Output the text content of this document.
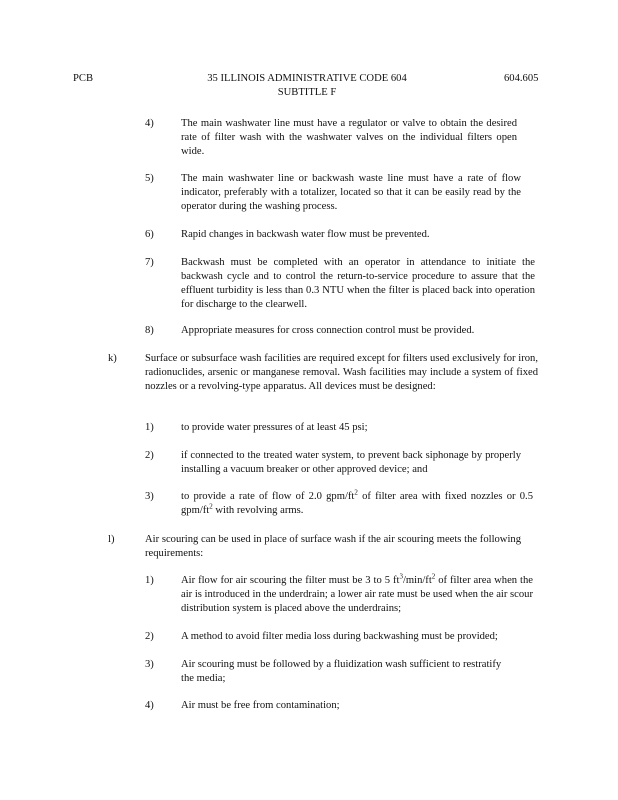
PCB	35 ILLINOIS ADMINISTRATIVE CODE 604
SUBTITLE F
604.605
4)	The main washwater line must have a regulator or valve to obtain the desired rate of filter wash with the washwater valves on the individual filters open wide.
5)	The main washwater line or backwash waste line must have a rate of flow indicator, preferably with a totalizer, located so that it can be easily read by the operator during the washing process.
6)	Rapid changes in backwash water flow must be prevented.
7)	Backwash must be completed with an operator in attendance to initiate the backwash cycle and to control the return-to-service procedure to assure that the effluent turbidity is less than 0.3 NTU when the filter is placed back into operation for discharge to the clearwell.
8)	Appropriate measures for cross connection control must be provided.
k)	Surface or subsurface wash facilities are required except for filters used exclusively for iron, radionuclides, arsenic or manganese removal. Wash facilities may include a system of fixed nozzles or a revolving-type apparatus. All devices must be designed:
1)	to provide water pressures of at least 45 psi;
2)	if connected to the treated water system, to prevent back siphonage by properly installing a vacuum breaker or other approved device; and
3)	to provide a rate of flow of 2.0 gpm/$ft^2$ of filter area with fixed nozzles or 0.5 gpm/$ft^2$ with revolving arms.
l)	Air scouring can be used in place of surface wash if the air scouring meets the following requirements:
1)	Air flow for air scouring the filter must be 3 to 5 $ft^3/\min/ft^2$ of filter area when the air is introduced in the underdrain; a lower air rate must be used when the air scour distribution system is placed above the underdrains;
2)	A method to avoid filter media loss during backwashing must be provided;
3)	Air scouring must be followed by a fluidization wash sufficient to restratify the media;
4)	Air must be free from contamination;
